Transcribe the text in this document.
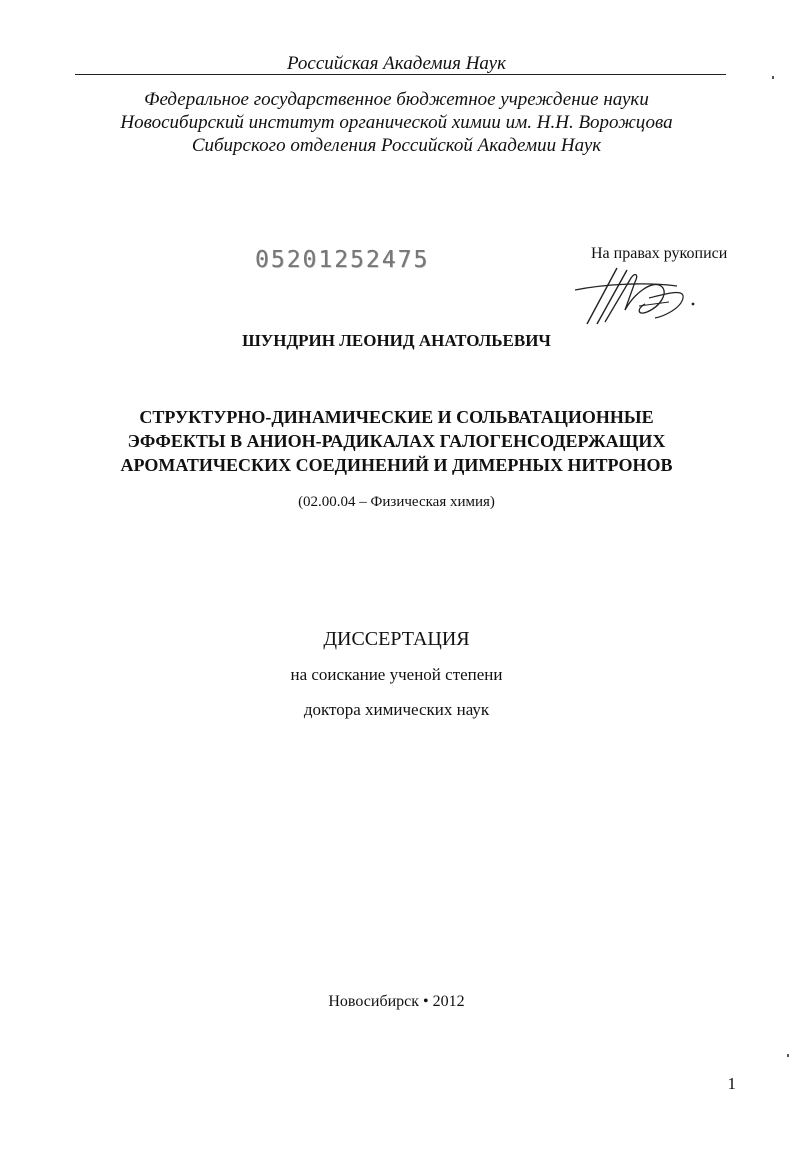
Российская Академия Наук
Федеральное государственное бюджетное учреждение науки
Новосибирский институт органической химии им. Н.Н. Ворожцова
Сибирского отделения Российской Академии Наук
05201252475	На правах рукописи
ШУНДРИН ЛЕОНИД АНАТОЛЬЕВИЧ
СТРУКТУРНО-ДИНАМИЧЕСКИЕ И СОЛЬВАТАЦИОННЫЕ
ЭФФЕКТЫ В АНИОН-РАДИКАЛАХ ГАЛОГЕНСОДЕРЖАЩИХ
АРОМАТИЧЕСКИХ СОЕДИНЕНИЙ И ДИМЕРНЫХ НИТРОНОВ
(02.00.04 – Физическая химия)
ДИССЕРТАЦИЯ
на соискание ученой степени
доктора химических наук
Новосибирск • 2012
1
